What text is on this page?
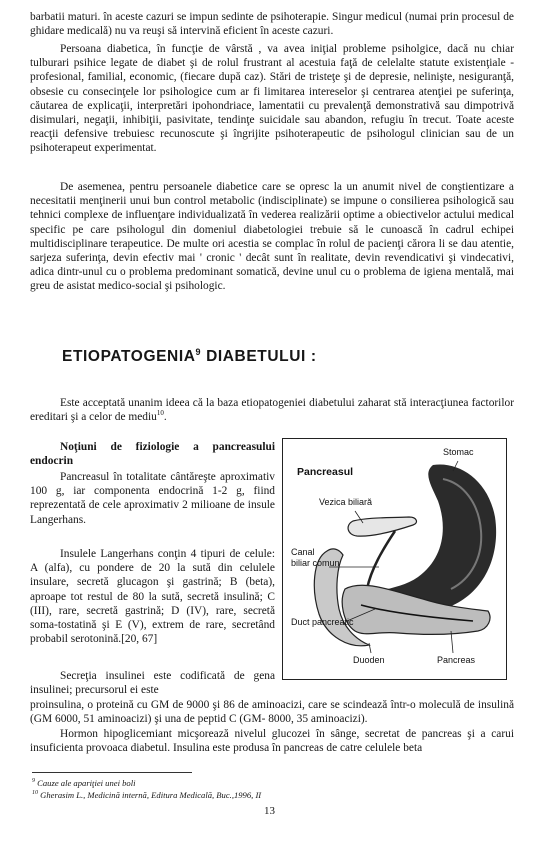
barbatii maturi. în aceste cazuri se impun sedinte de psihoterapie. Singur medicul (numai prin procesul de ghidare medicală) nu va reuşi să intervină eficient în aceste cazuri.
Persoana diabetica, în funcţie de vârstă , va avea iniţial probleme psiholgice, dacă nu chiar tulburari psihice legate de diabet şi de rolul frustrant al acestuia faţă de celelalte statute existenţiale - profesional, familial, economic, (fiecare după caz). Stări de tristeţe şi de depresie, nelinişte, nesiguranţă, obsesie cu consecinţele lor psihologice cum ar fi limitarea intereselor şi centrarea atenţiei pe suferinţa, căutarea de explicaţii, interpretări ipohondriace, lamentatii cu prevalenţă demonstrativă sau dimpotrivă disimulari, negaţii, inhibiţii, pasivitate, tendinţe suicidale sau abandon, refugiu în trecut. Toate aceste reacţii defensive trebuiesc recunoscute şi îngrijite psihoterapeutic de psihologul clinician sau de un psihoterapeut experimentat.
De asemenea, pentru persoanele diabetice care se opresc la un anumit nivel de conştientizare a necesitatii menţinerii unui bun control metabolic (indisciplinate) se impune o consilierea psihologică sau tehnici complexe de influenţare individualizată în vederea realizării optime a obiectivelor actului medical specific pe care psihologul din domeniul diabetologiei trebuie să le cunoască în cadrul echipei multidisciplinare terapeutice. De multe ori acestia se complac în rolul de pacienţi cărora li se dau atentie, sarjeza suferinţa, devin efectiv mai ' cronic ' decât sunt în realitate, devin revendicativi şi vindecativi, adica dintr-unul cu o problema predominant somatică, devine unul cu o problema de igiena mentală, mai greu de asistat medico-social şi psihologic.
ETIOPATOGENIA$^9$ DIABETULUI :
Este acceptată unanim ideea că la baza etiopatogeniei diabetului zaharat stă interacţiunea factorilor ereditari şi a celor de mediu$^{10}$.
Noţiuni de fiziologie a pancreasului endocrin
Pancreasul în totalitate cântăreşte aproximativ 100 g, iar componenta endocrină 1-2 g, fiind reprezentată de cele aproximativ 2 milioane de insule Langerhans.
Insulele Langerhans conţin 4 tipuri de celule: A (alfa), cu pondere de 20 la sută din celulele insulare, secretă glucagon şi gastrină; B (beta), aproape tot restul de 80 la sută, secretă insulină; C (III), rare, secretă gastrină; D (IV), rare, secretă soma-tostatină şi E (V), extrem de rare, secretând probabil serotonină.[20, 67]
Secreţia insulinei este codificată de gena insulinei; precursorul ei este
Pancreasul
Stomac
Vezica biliară
Canal
biliar comun
Duct pancreatic
Duoden	Pancreas
proinsulina, o proteină cu GM de 9000 şi 86 de aminoacizi, care se scindează într-o moleculă de insulină (GM 6000, 51 aminoacizi) şi una de peptid C (GM- 8000, 35 aminoacizi).
Hormon hipoglicemiant micşorează nivelul glucozei în sânge, secretat de pancreas şi a carui insuficienta provoaca diabetul. Insulina este produsa în pancreas de catre celulele beta
$^9$ Cauze ale apariţiei unei boli
$^{10}$ Gherasim L., Medicină internă, Editura Medicală, Buc.,1996, II
13
